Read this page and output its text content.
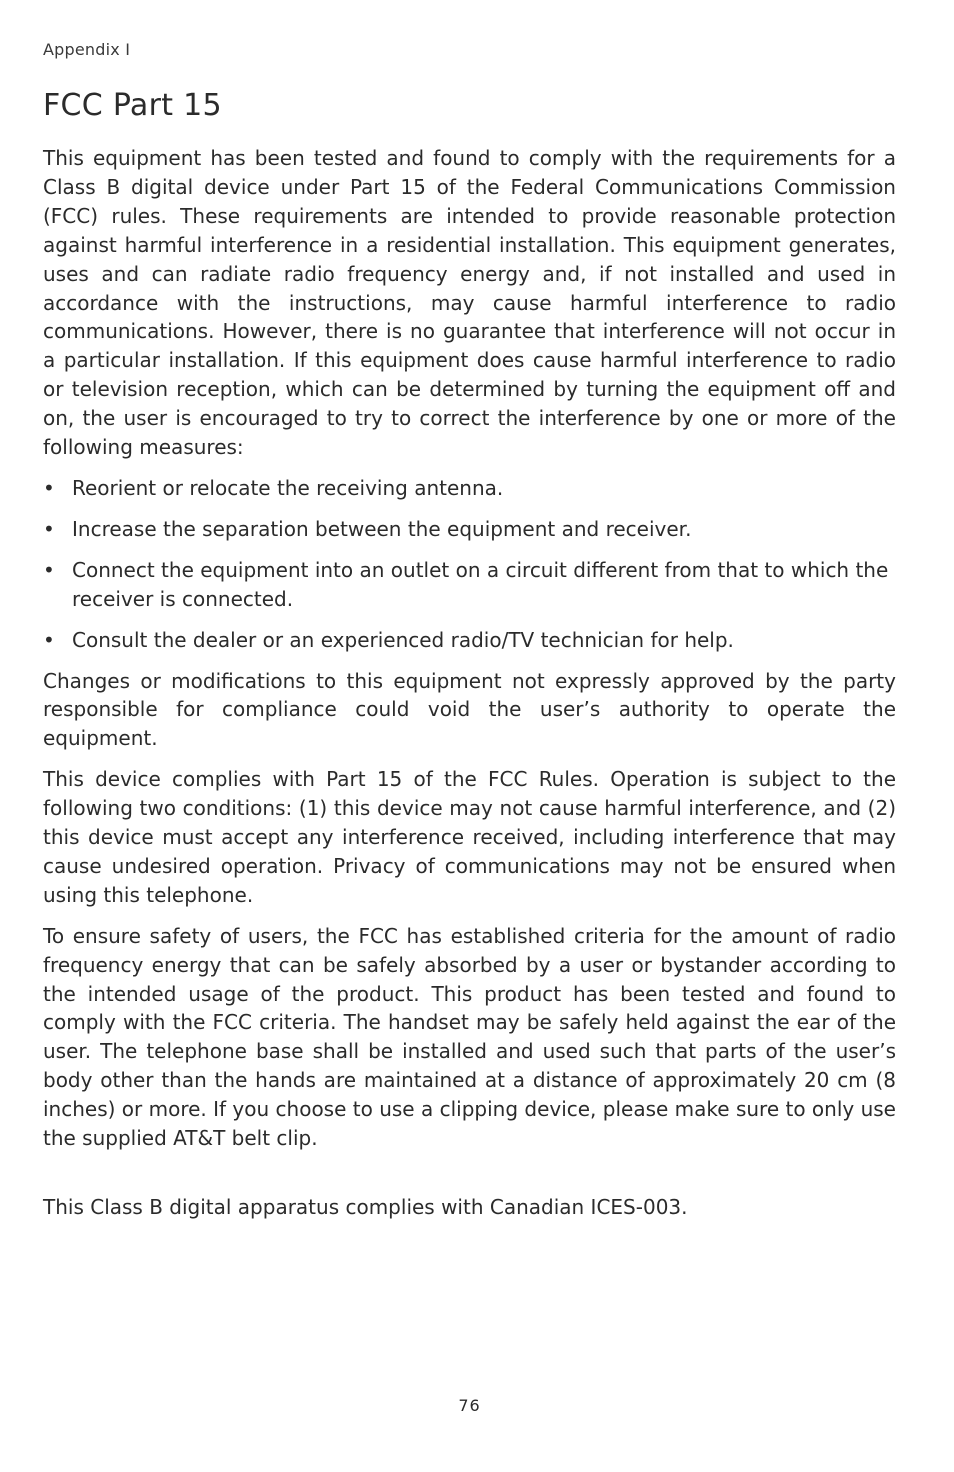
Appendix I
FCC Part 15

This equipment has been tested and found to comply with the requirements for a Class B digital device under Part 15 of the Federal Communications Commission (FCC) rules. These requirements are intended to provide reasonable protection against harmful interference in a residential installation. This equipment generates, uses and can radiate radio frequency energy and, if not installed and used in accordance with the instructions, may cause harmful interference to radio communications. However, there is no guarantee that interference will not occur in a particular installation. If this equipment does cause harmful interference to radio or television reception, which can be determined by turning the equipment off and on, the user is encouraged to try to correct the interference by one or more of the following measures:

• Reorient or relocate the receiving antenna.
• Increase the separation between the equipment and receiver.
• Connect the equipment into an outlet on a circuit different from that to which the receiver is connected.
• Consult the dealer or an experienced radio/TV technician for help.

Changes or modifications to this equipment not expressly approved by the party responsible for compliance could void the user’s authority to operate the equipment.

This device complies with Part 15 of the FCC Rules. Operation is subject to the following two conditions: (1) this device may not cause harmful interference, and (2) this device must accept any interference received, including interference that may cause undesired operation. Privacy of communications may not be ensured when using this telephone.

To ensure safety of users, the FCC has established criteria for the amount of radio frequency energy that can be safely absorbed by a user or bystander according to the intended usage of the product. This product has been tested and found to comply with the FCC criteria. The handset may be safely held against the ear of the user. The telephone base shall be installed and used such that parts of the user’s body other than the hands are maintained at a distance of approximately 20 cm (8 inches) or more. If you choose to use a clipping device, please make sure to only use the supplied AT&T belt clip.

This Class B digital apparatus complies with Canadian ICES-003.

76
